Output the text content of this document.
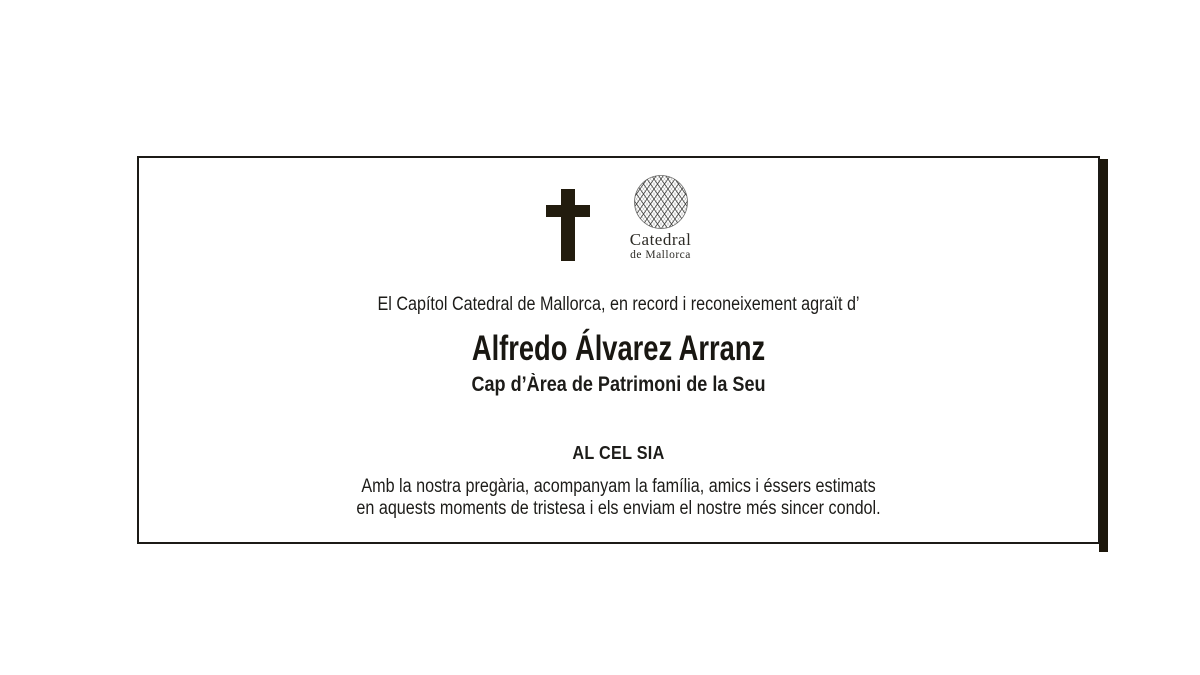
Catedral
de Mallorca
El Capítol Catedral de Mallorca, en record i reconeixement agraït d’
Alfredo Álvarez Arranz
Cap d’Àrea de Patrimoni de la Seu
AL CEL SIA
Amb la nostra pregària, acompanyam la família, amics i éssers estimats
en aquests moments de tristesa i els enviam el nostre més sincer condol.
